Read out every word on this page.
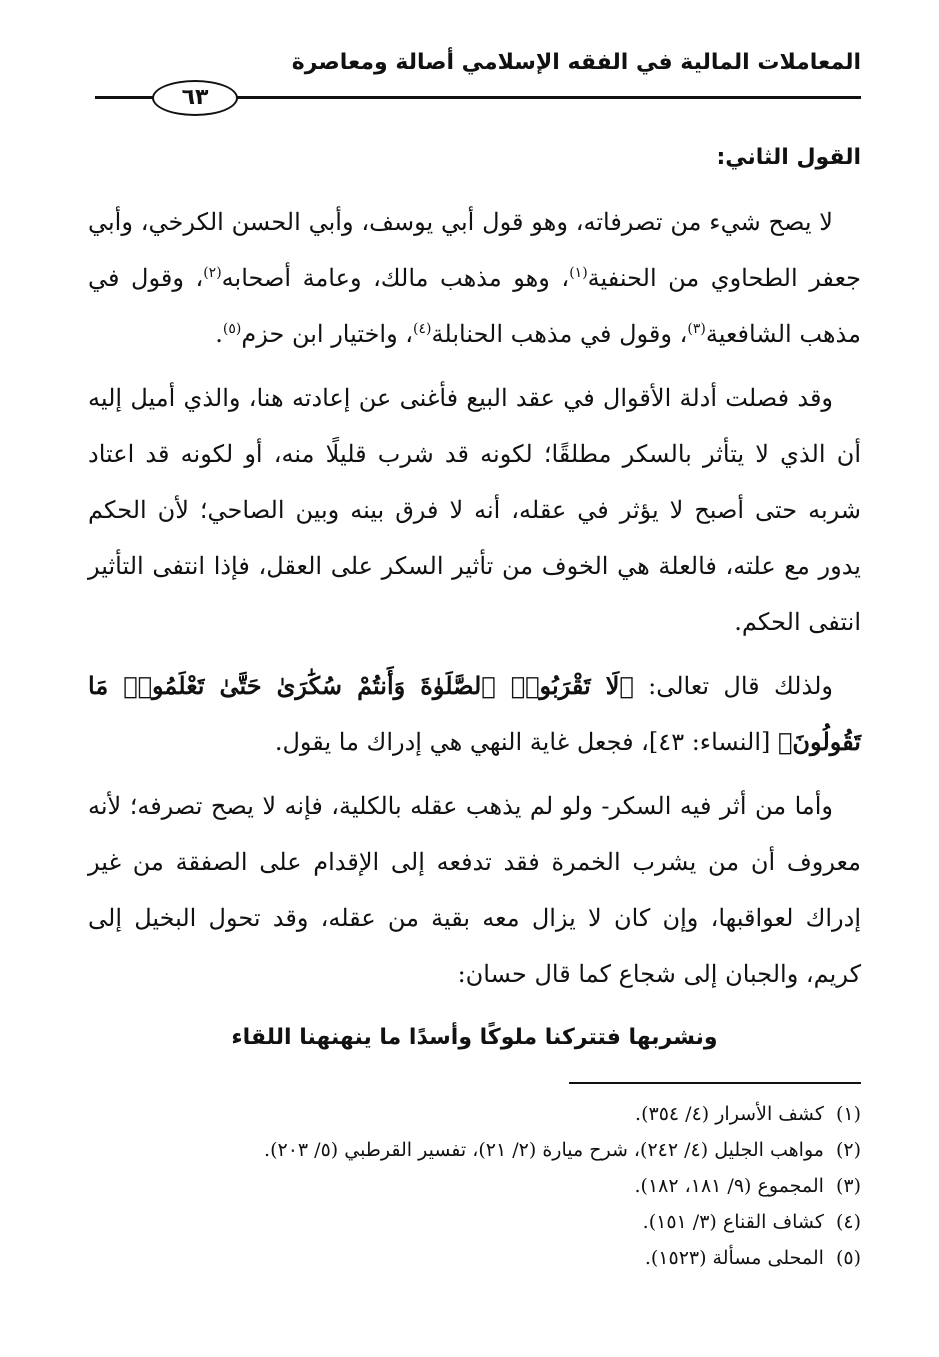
المعاملات المالية في الفقه الإسلامي أصالة ومعاصرة
٦٣

القول الثاني:

لا يصح شيء من تصرفاته، وهو قول أبي يوسف، وأبي الحسن الكرخي، وأبي جعفر الطحاوي من الحنفية$^{(١)}$، وهو مذهب مالك، وعامة أصحابه$^{(٢)}$، وقول في مذهب الشافعية$^{(٣)}$، وقول في مذهب الحنابلة$^{(٤)}$، واختيار ابن حزم$^{(٥)}$.

وقد فصلت أدلة الأقوال في عقد البيع فأغنى عن إعادته هنا، والذي أميل إليه أن الذي لا يتأثر بالسكر مطلقًا؛ لكونه قد شرب قليلًا منه، أو لكونه قد اعتاد شربه حتى أصبح لا يؤثر في عقله، أنه لا فرق بينه وبين الصاحي؛ لأن الحكم يدور مع علته، فالعلة هي الخوف من تأثير السكر على العقل، فإذا انتفى التأثير انتفى الحكم.

ولذلك قال تعالى: ﴿لَا تَقْرَبُوا۟ ٱلصَّلَوٰةَ وَأَنتُمْ سُكَٰرَىٰ حَتَّىٰ تَعْلَمُوا۟ مَا تَقُولُونَ﴾ [النساء: ٤٣]، فجعل غاية النهي هي إدراك ما يقول.

وأما من أثر فيه السكر- ولو لم يذهب عقله بالكلية، فإنه لا يصح تصرفه؛ لأنه معروف أن من يشرب الخمرة فقد تدفعه إلى الإقدام على الصفقة من غير إدراك لعواقبها، وإن كان لا يزال معه بقية من عقله، وقد تحول البخيل إلى كريم، والجبان إلى شجاع كما قال حسان:

ونشربها فتتركنا ملوكًا وأسدًا ما ينهنهنا اللقاء

(١)كشف الأسرار (٤/ ٣٥٤).
(٢)مواهب الجليل (٤/ ٢٤٢)، شرح ميارة (٢/ ٢١)، تفسير القرطبي (٥/ ٢٠٣).
(٣)المجموع (٩/ ١٨١، ١٨٢).
(٤)كشاف القناع (٣/ ١٥١).
(٥)المحلى مسألة (١٥٢٣).
